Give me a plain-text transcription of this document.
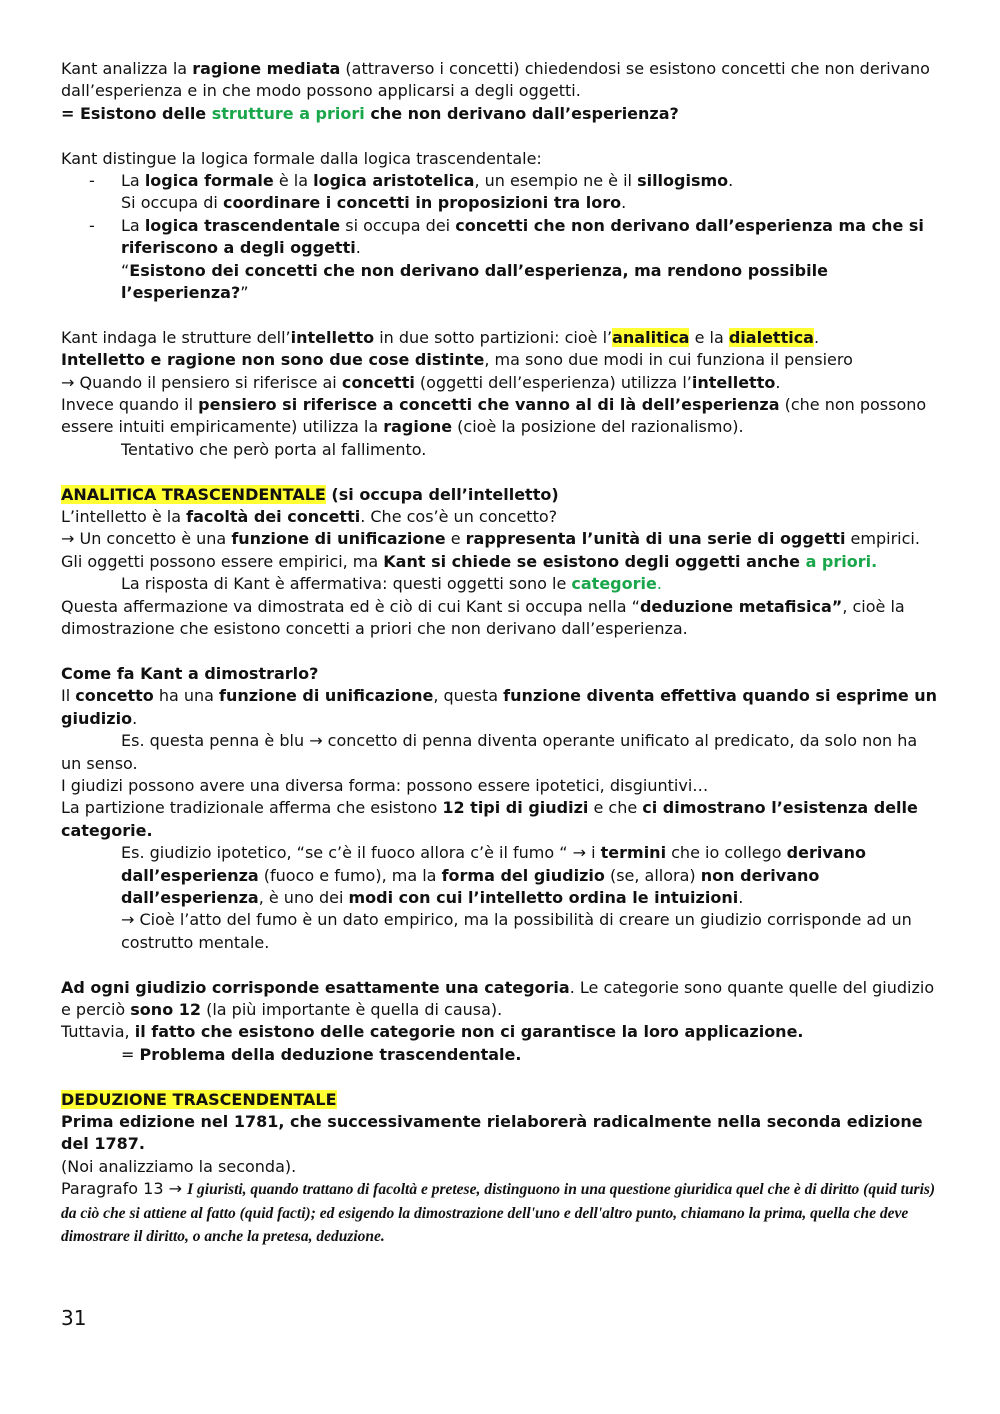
Kant analizza la ragione mediata (attraverso i concetti) chiedendosi se esistono concetti che non derivano dall’esperienza e in che modo possono applicarsi a degli oggetti.

= Esistono delle strutture a priori che non derivano dall’esperienza?

Kant distingue la logica formale dalla logica trascendentale:

-	La logica formale è la logica aristotelica, un esempio ne è il sillogismo.

Si occupa di coordinare i concetti in proposizioni tra loro.

-	La logica trascendentale si occupa dei concetti che non derivano dall’esperienza ma che si riferiscono a degli oggetti.

“Esistono dei concetti che non derivano dall’esperienza, ma rendono possibile l’esperienza?”

Kant indaga le strutture dell’intelletto in due sotto partizioni: cioè l’analitica e la dialettica.

Intelletto e ragione non sono due cose distinte, ma sono due modi in cui funziona il pensiero

→ Quando il pensiero si riferisce ai concetti (oggetti dell’esperienza) utilizza l’intelletto.

Invece quando il pensiero si riferisce a concetti che vanno al di là dell’esperienza (che non possono essere intuiti empiricamente) utilizza la ragione (cioè la posizione del razionalismo).

Tentativo che però porta al fallimento.

ANALITICA TRASCENDENTALE (si occupa dell’intelletto)

L’intelletto è la facoltà dei concetti. Che cos’è un concetto?

→ Un concetto è una funzione di unificazione e rappresenta l’unità di una serie di oggetti empirici.

Gli oggetti possono essere empirici, ma Kant si chiede se esistono degli oggetti anche a priori.

La risposta di Kant è affermativa: questi oggetti sono le categorie.

Questa affermazione va dimostrata ed è ciò di cui Kant si occupa nella “deduzione metafisica”, cioè la dimostrazione che esistono concetti a priori che non derivano dall’esperienza.

Come fa Kant a dimostrarlo?

Il concetto ha una funzione di unificazione, questa funzione diventa effettiva quando si esprime un giudizio.

Es. questa penna è blu → concetto di penna diventa operante unificato al predicato, da solo non ha un senso.

I giudizi possono avere una diversa forma: possono essere ipotetici, disgiuntivi…

La partizione tradizionale afferma che esistono 12 tipi di giudizi e che ci dimostrano l’esistenza delle categorie.

Es. giudizio ipotetico, “se c’è il fuoco allora c’è il fumo “ → i termini che io collego derivano dall’esperienza (fuoco e fumo), ma la forma del giudizio (se, allora) non derivano dall’esperienza, è uno dei modi con cui l’intelletto ordina le intuizioni.

→ Cioè l’atto del fumo è un dato empirico, ma la possibilità di creare un giudizio corrisponde ad un costrutto mentale.

Ad ogni giudizio corrisponde esattamente una categoria. Le categorie sono quante quelle del giudizio e perciò sono 12 (la più importante è quella di causa).

Tuttavia, il fatto che esistono delle categorie non ci garantisce la loro applicazione.

= Problema della deduzione trascendentale.

DEDUZIONE TRASCENDENTALE

Prima edizione nel 1781, che successivamente rielaborerà radicalmente nella seconda edizione del 1787.

(Noi analizziamo la seconda).

Paragrafo 13 → I giuristi, quando trattano di facoltà e pretese, distinguono in una questione giuridica quel che è di diritto (quid turis) da ciò che si attiene al fatto (quid facti); ed esigendo la dimostrazione dell'uno e dell'altro punto, chiamano la prima, quella che deve dimostrare il diritto, o anche la pretesa, deduzione.

31
